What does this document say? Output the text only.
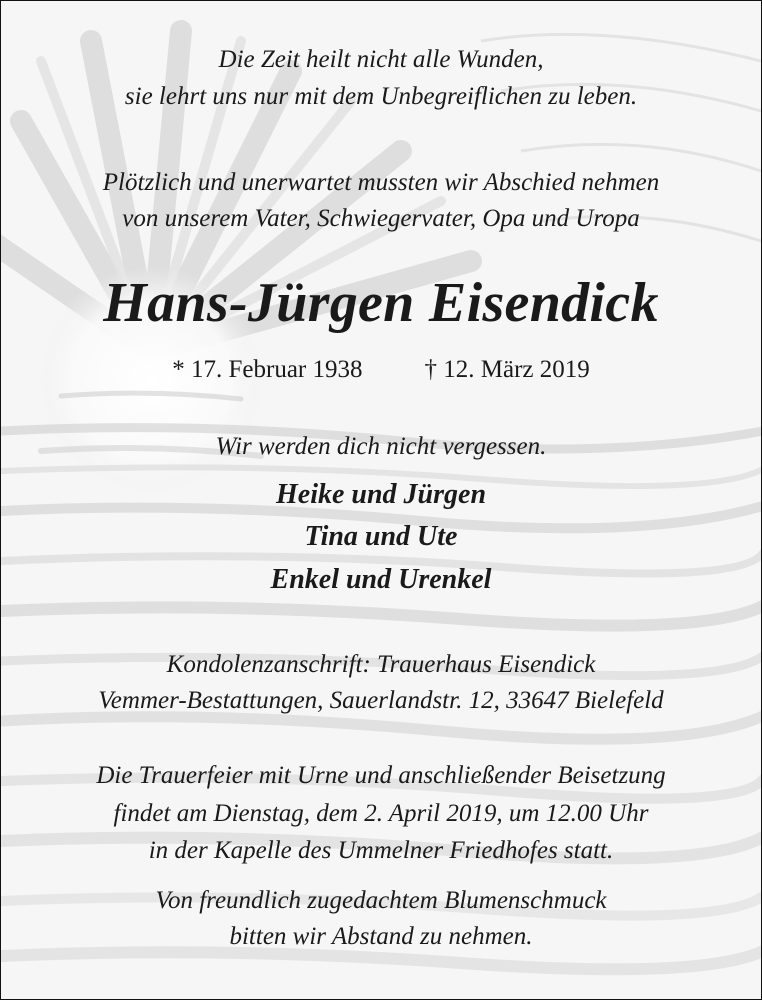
Die Zeit heilt nicht alle Wunden,
sie lehrt uns nur mit dem Unbegreiflichen zu leben.
Plötzlich und unerwartet mussten wir Abschied nehmen
von unserem Vater, Schwiegervater, Opa und Uropa
Hans-Jürgen Eisendick
* 17. Februar 1938 † 12. März 2019
Wir werden dich nicht vergessen.
Heike und Jürgen
Tina und Ute
Enkel und Urenkel
Kondolenzanschrift: Trauerhaus Eisendick
Vemmer-Bestattungen, Sauerlandstr. 12, 33647 Bielefeld
Die Trauerfeier mit Urne und anschließender Beisetzung
findet am Dienstag, dem 2. April 2019, um 12.00 Uhr
in der Kapelle des Ummelner Friedhofes statt.
Von freundlich zugedachtem Blumenschmuck
bitten wir Abstand zu nehmen.
